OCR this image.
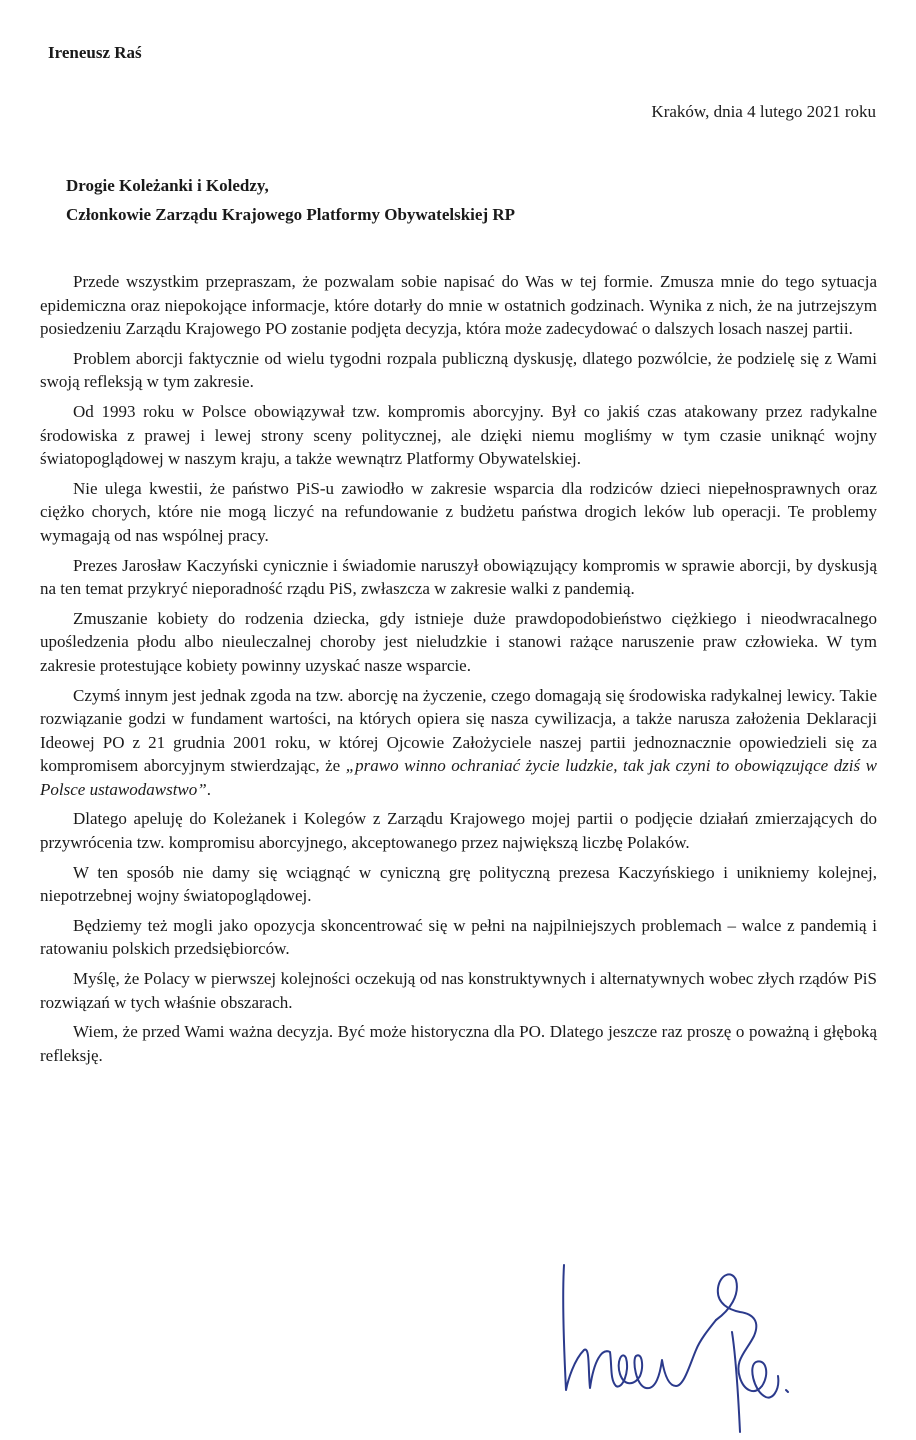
Ireneusz Raś

Kraków, dnia 4 lutego 2021 roku

Drogie Koleżanki i Koledzy,
Członkowie Zarządu Krajowego Platformy Obywatelskiej RP

Przede wszystkim przepraszam, że pozwalam sobie napisać do Was w tej formie. Zmusza mnie do tego sytuacja epidemiczna oraz niepokojące informacje, które dotarły do mnie w ostatnich godzinach. Wynika z nich, że na jutrzejszym posiedzeniu Zarządu Krajowego PO zostanie podjęta decyzja, która może zadecydować o dalszych losach naszej partii.

Problem aborcji faktycznie od wielu tygodni rozpala publiczną dyskusję, dlatego pozwólcie, że podzielę się z Wami swoją refleksją w tym zakresie.

Od 1993 roku w Polsce obowiązywał tzw. kompromis aborcyjny. Był co jakiś czas atakowany przez radykalne środowiska z prawej i lewej strony sceny politycznej, ale dzięki niemu mogliśmy w tym czasie uniknąć wojny światopoglądowej w naszym kraju, a także wewnątrz Platformy Obywatelskiej.

Nie ulega kwestii, że państwo PiS-u zawiodło w zakresie wsparcia dla rodziców dzieci niepełnosprawnych oraz ciężko chorych, które nie mogą liczyć na refundowanie z budżetu państwa drogich leków lub operacji. Te problemy wymagają od nas wspólnej pracy.

Prezes Jarosław Kaczyński cynicznie i świadomie naruszył obowiązujący kompromis w sprawie aborcji, by dyskusją na ten temat przykryć nieporadność rządu PiS, zwłaszcza w zakresie walki z pandemią.

Zmuszanie kobiety do rodzenia dziecka, gdy istnieje duże prawdopodobieństwo ciężkiego i nieodwracalnego upośledzenia płodu albo nieuleczalnej choroby jest nieludzkie i stanowi rażące naruszenie praw człowieka. W tym zakresie protestujące kobiety powinny uzyskać nasze wsparcie.

Czymś innym jest jednak zgoda na tzw. aborcję na życzenie, czego domagają się środowiska radykalnej lewicy. Takie rozwiązanie godzi w fundament wartości, na których opiera się nasza cywilizacja, a także narusza założenia Deklaracji Ideowej PO z 21 grudnia 2001 roku, w której Ojcowie Założyciele naszej partii jednoznacznie opowiedzieli się za kompromisem aborcyjnym stwierdzając, że „prawo winno ochraniać życie ludzkie, tak jak czyni to obowiązujące dziś w Polsce ustawodawstwo”.

Dlatego apeluję do Koleżanek i Kolegów z Zarządu Krajowego mojej partii o podjęcie działań zmierzających do przywrócenia tzw. kompromisu aborcyjnego, akceptowanego przez największą liczbę Polaków.

W ten sposób nie damy się wciągnąć w cyniczną grę polityczną prezesa Kaczyńskiego i unikniemy kolejnej, niepotrzebnej wojny światopoglądowej.

Będziemy też mogli jako opozycja skoncentrować się w pełni na najpilniejszych problemach – walce z pandemią i ratowaniu polskich przedsiębiorców.

Myślę, że Polacy w pierwszej kolejności oczekują od nas konstruktywnych i alternatywnych wobec złych rządów PiS rozwiązań w tych właśnie obszarach.

Wiem, że przed Wami ważna decyzja. Być może historyczna dla PO. Dlatego jeszcze raz proszę o poważną i głęboką refleksję.
